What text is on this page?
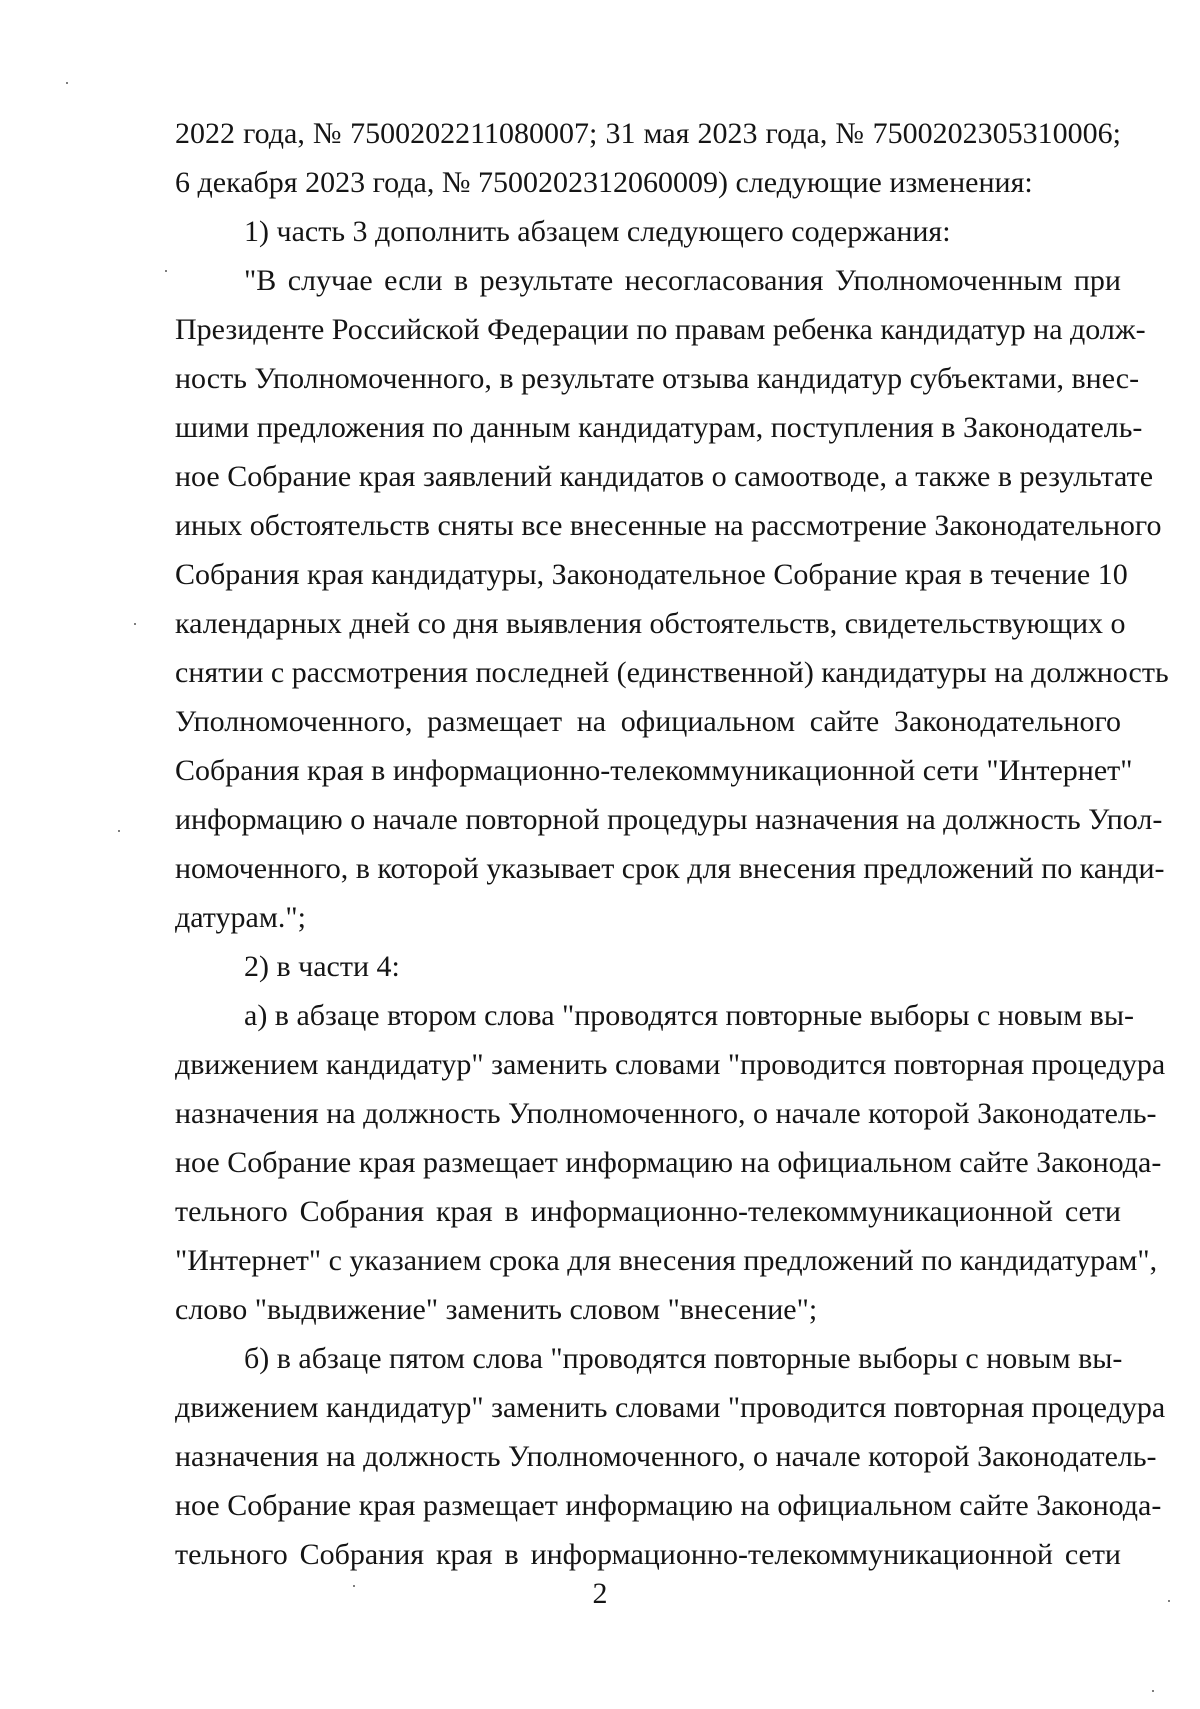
2022 года, № 7500202211080007; 31 мая 2023 года, № 7500202305310006;
6 декабря 2023 года, № 7500202312060009) следующие изменения:
1) часть 3 дополнить абзацем следующего содержания:
"В случае если в результате несогласования Уполномоченным при
Президенте Российской Федерации по правам ребенка кандидатур на долж-
ность Уполномоченного, в результате отзыва кандидатур субъектами, внес-
шими предложения по данным кандидатурам, поступления в Законодатель-
ное Собрание края заявлений кандидатов о самоотводе, а также в результате
иных обстоятельств сняты все внесенные на рассмотрение Законодательного
Собрания края кандидатуры, Законодательное Собрание края в течение 10
календарных дней со дня выявления обстоятельств, свидетельствующих о
снятии с рассмотрения последней (единственной) кандидатуры на должность
Уполномоченного, размещает на официальном сайте Законодательного
Собрания края в информационно-телекоммуникационной сети "Интернет"
информацию о начале повторной процедуры назначения на должность Упол-
номоченного, в которой указывает срок для внесения предложений по канди-
датурам.";
2) в части 4:
а) в абзаце втором слова "проводятся повторные выборы с новым вы-
движением кандидатур" заменить словами "проводится повторная процедура
назначения на должность Уполномоченного, о начале которой Законодатель-
ное Собрание края размещает информацию на официальном сайте Законода-
тельного Собрания края в информационно-телекоммуникационной сети
"Интернет" с указанием срока для внесения предложений по кандидатурам",
слово "выдвижение" заменить словом "внесение";
б) в абзаце пятом слова "проводятся повторные выборы с новым вы-
движением кандидатур" заменить словами "проводится повторная процедура
назначения на должность Уполномоченного, о начале которой Законодатель-
ное Собрание края размещает информацию на официальном сайте Законода-
тельного Собрания края в информационно-телекоммуникационной сети
2
